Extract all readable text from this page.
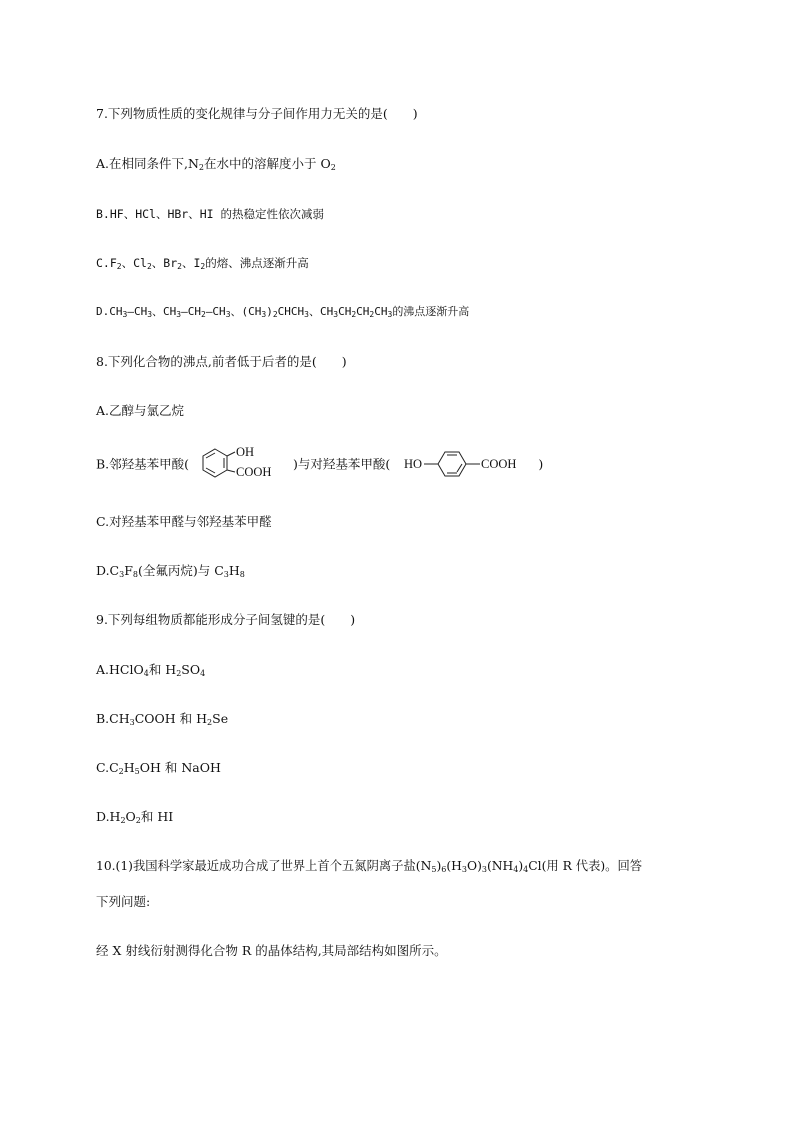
7.下列物质性质的变化规律与分子间作用力无关的是(　　)
A.在相同条件下$,N_2$在水中的溶解度小于 $O_2$
B.HF、HCl、HBr、HI 的热稳定性依次减弱
$C.F_2$、$Cl_2$、$Br_2$、$I_2$的熔、沸点逐渐升高
$D.CH_3—CH_3$、$CH_3—CH_2—CH_3$、$(CH_3)_2CHCH_3$、$CH_3CH_2CH_2CH_3$的沸点逐渐升高
8.下列化合物的沸点,前者低于后者的是(　　)
A.乙醇与氯乙烷
B.邻羟基苯甲酸(
OH
COOH )与对羟基苯甲酸( HO	COOH )
C.对羟基苯甲醛与邻羟基苯甲醛
$D.C_3F_8$(全氟丙烷)与 $C_3H_8$
9.下列每组物质都能形成分子间氢键的是(　　)
A.HClO$_4$和 $H_2SO_4$
$B.CH_3COOH$ 和 $H_2Se$
$C.C_2H_5OH$ 和 NaOH
$D.H_2O_2$和 HI
10.(1)我国科学家最近成功合成了世界上首个五氮阴离子盐$(N_5)_6(H_3O)_3(NH_4)_4Cl$(用 R 代表)。回答
下列问题:
经 X 射线衍射测得化合物 R 的晶体结构,其局部结构如图所示。
